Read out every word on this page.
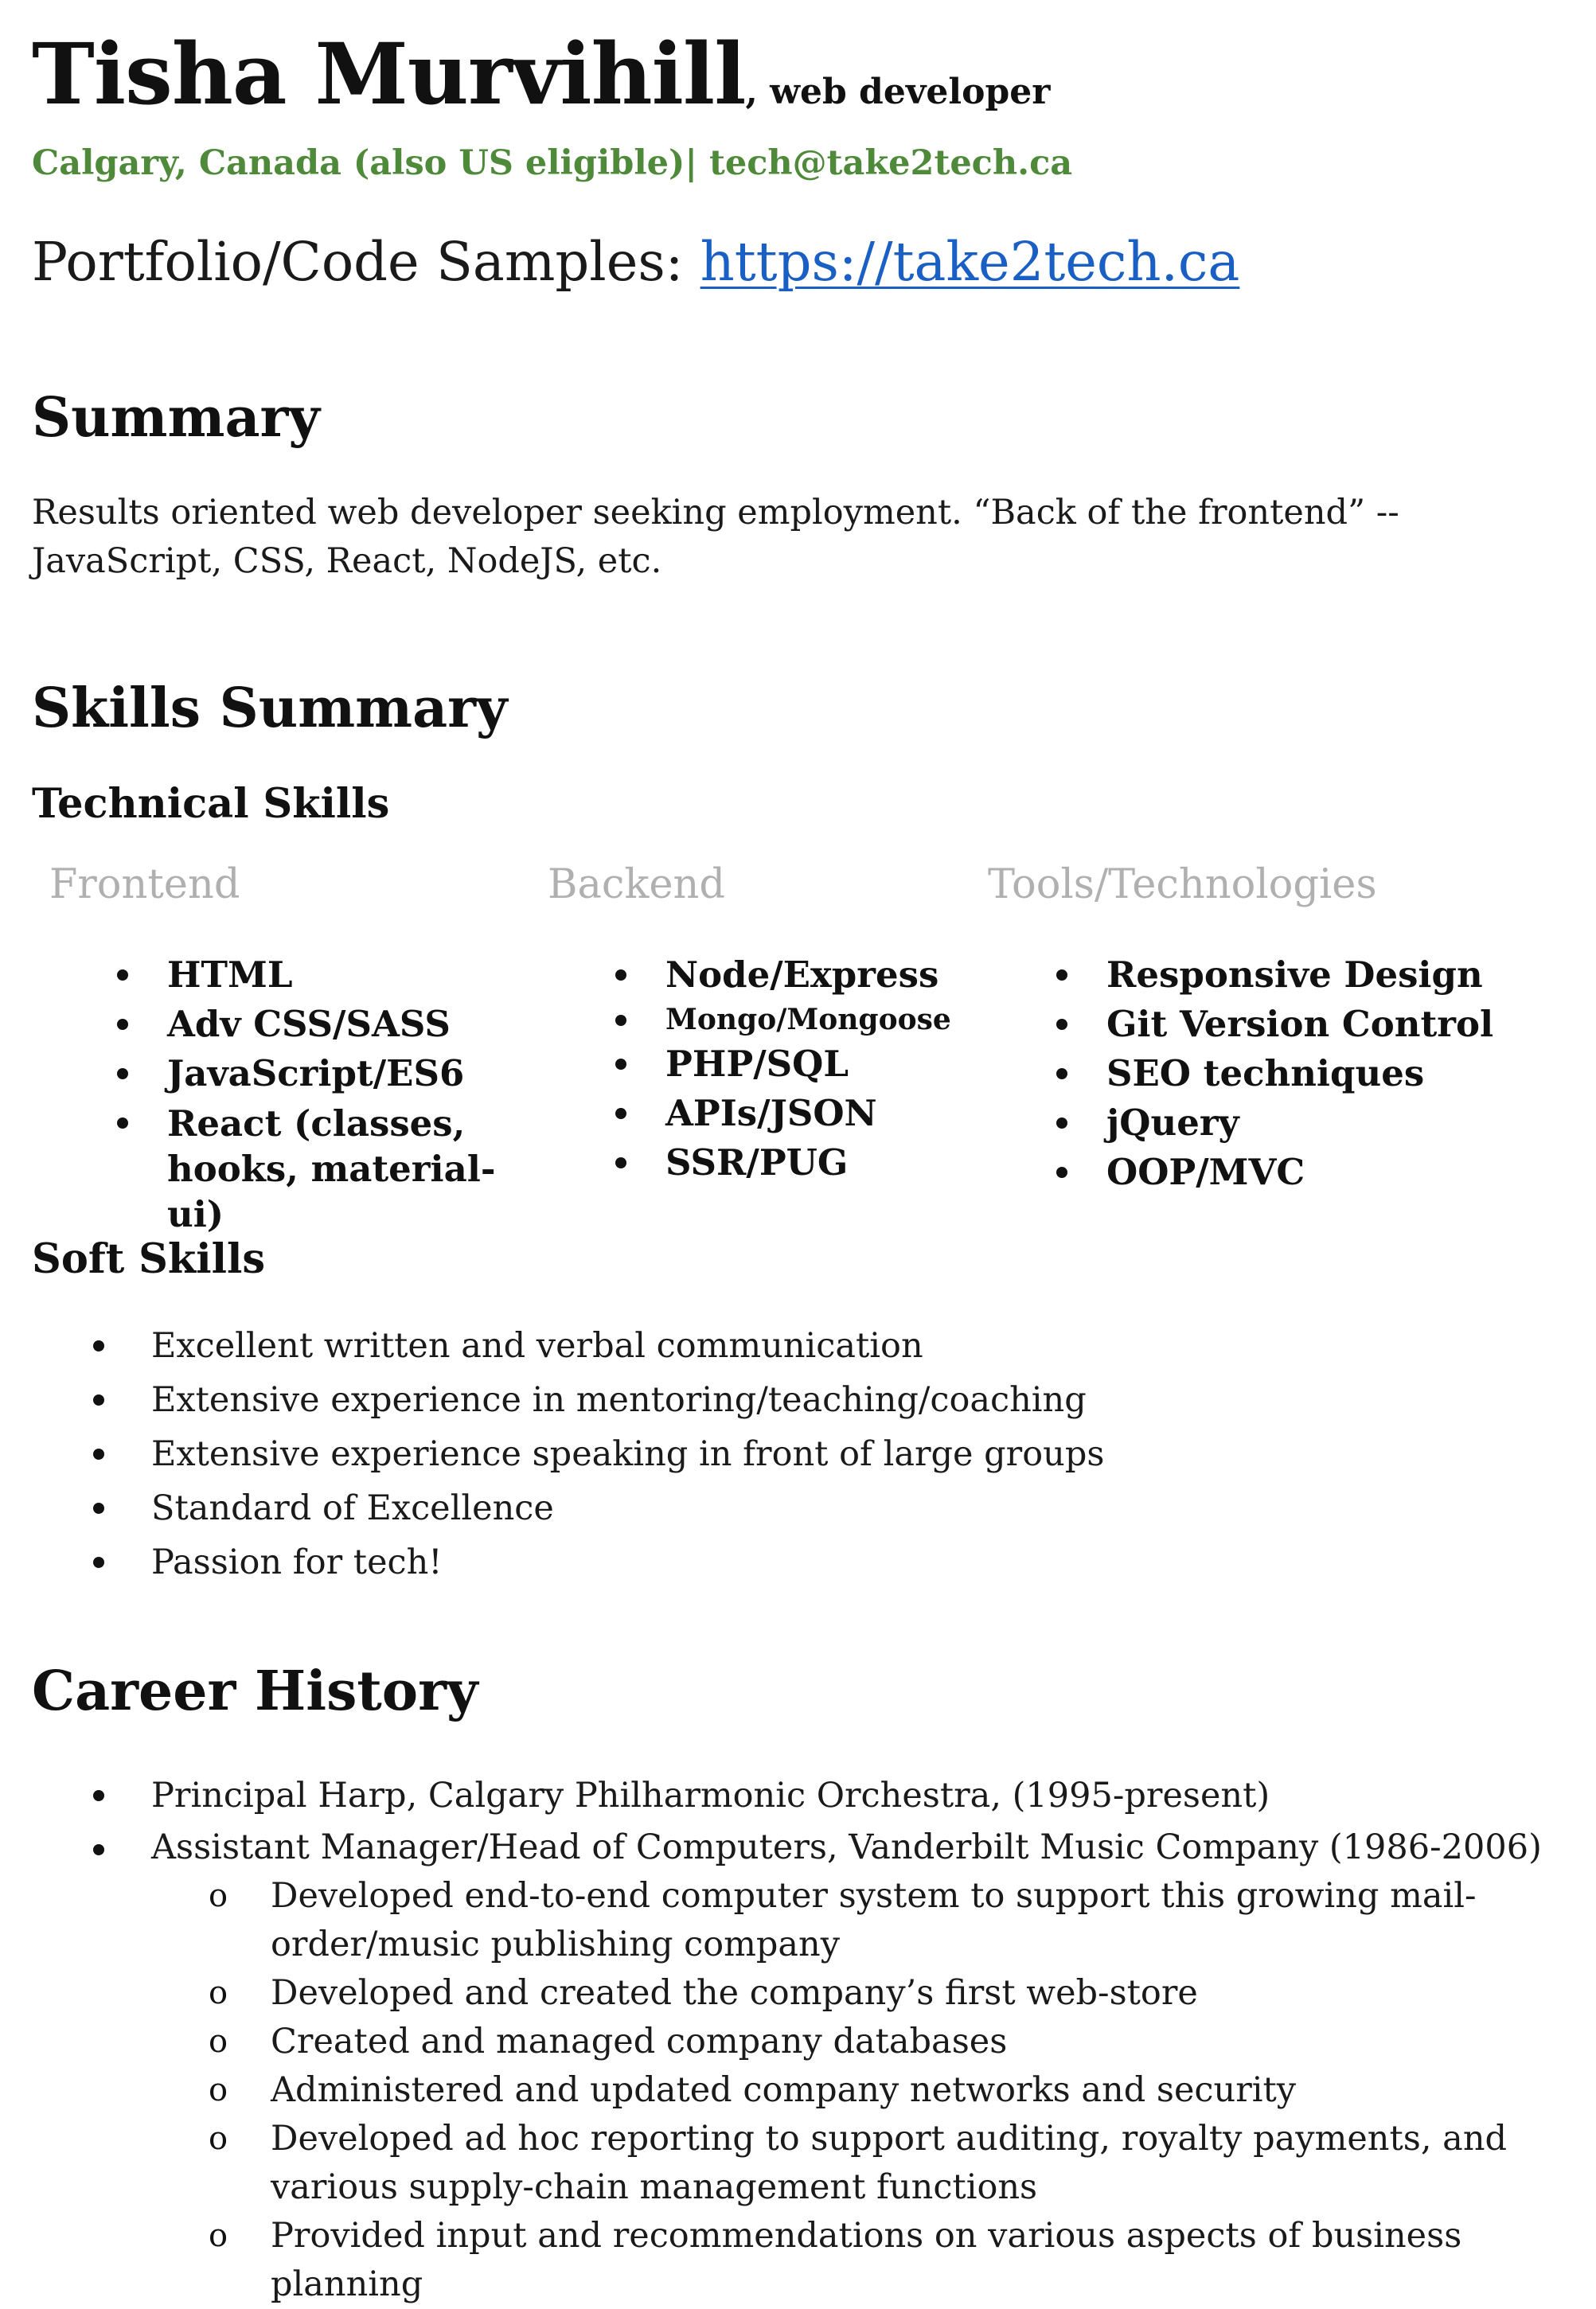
Tisha Murvihill, web developer
Calgary, Canada (also US eligible)| tech@take2tech.ca
Portfolio/Code Samples: https://take2tech.ca
Summary
Results oriented web developer seeking employment. “Back of the frontend” -- JavaScript, CSS, React, NodeJS, etc.
Skills Summary
Technical Skills
Frontend
HTML
Adv CSS/SASS
JavaScript/ES6
React (classes, hooks, material-ui)
Backend
Node/Express
Mongo/Mongoose
PHP/SQL
APIs/JSON
SSR/PUG
Tools/Technologies
Responsive Design
Git Version Control
SEO techniques
jQuery
OOP/MVC
Soft Skills
Excellent written and verbal communication
Extensive experience in mentoring/teaching/coaching
Extensive experience speaking in front of large groups
Standard of Excellence
Passion for tech!
Career History
Principal Harp, Calgary Philharmonic Orchestra, (1995-present)
Assistant Manager/Head of Computers, Vanderbilt Music Company (1986-2006)
o Developed end-to-end computer system to support this growing mail-order/music publishing company
o Developed and created the company’s first web-store
o Created and managed company databases
o Administered and updated company networks and security
o Developed ad hoc reporting to support auditing, royalty payments, and various supply-chain management functions
o Provided input and recommendations on various aspects of business planning
